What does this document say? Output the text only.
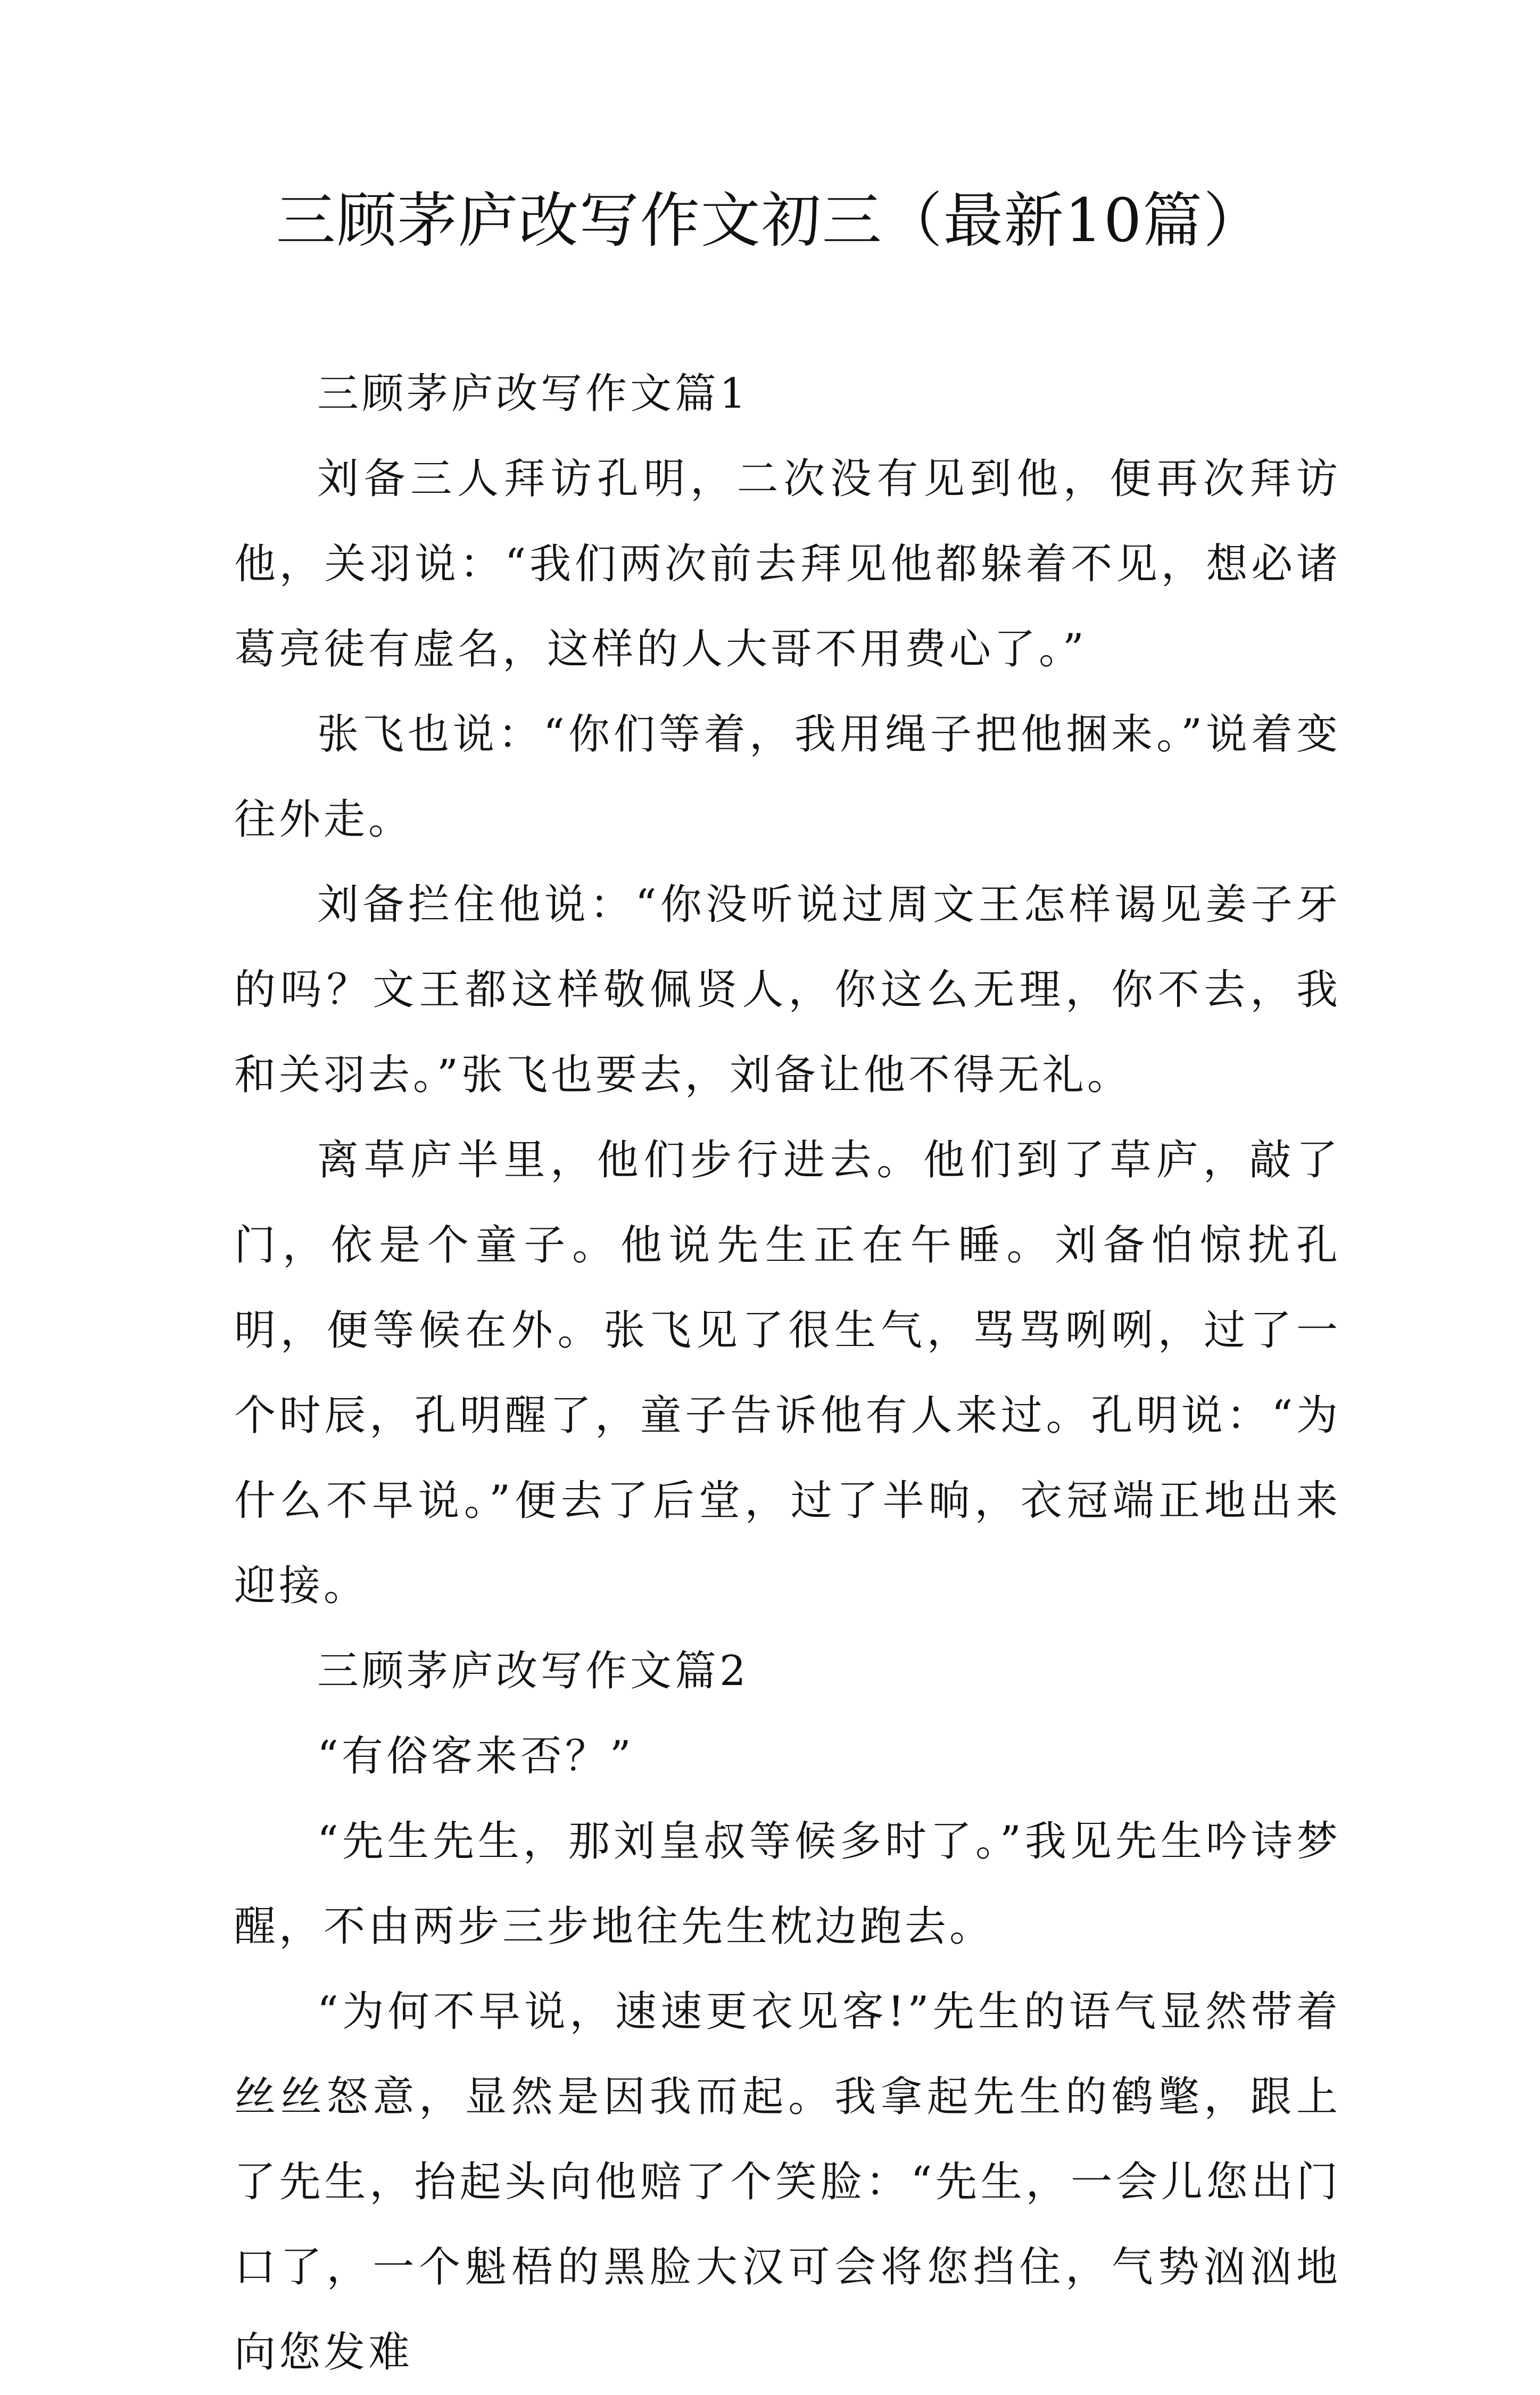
三顾茅庐改写作文初三（最新10篇）

三顾茅庐改写作文篇1

刘备三人拜访孔明，二次没有见到他，便再次拜访他，关羽说：“我们两次前去拜见他都躲着不见，想必诸葛亮徒有虚名，这样的人大哥不用费心了。”

张飞也说：“你们等着，我用绳子把他捆来。”说着变往外走。

刘备拦住他说：“你没听说过周文王怎样谒见姜子牙的吗？文王都这样敬佩贤人，你这么无理，你不去，我和关羽去。”张飞也要去，刘备让他不得无礼。

离草庐半里，他们步行进去。他们到了草庐，敲了门，依是个童子。他说先生正在午睡。刘备怕惊扰孔明，便等候在外。张飞见了很生气，骂骂咧咧，过了一个时辰，孔明醒了，童子告诉他有人来过。孔明说：“为什么不早说。”便去了后堂，过了半晌，衣冠端正地出来迎接。

三顾茅庐改写作文篇2

“有俗客来否？”

“先生先生，那刘皇叔等候多时了。”我见先生吟诗梦醒，不由两步三步地往先生枕边跑去。

“为何不早说，速速更衣见客!”先生的语气显然带着丝丝怒意，显然是因我而起。我拿起先生的鹤氅，跟上了先生，抬起头向他赔了个笑脸：“先生，一会儿您出门口了，一个魁梧的黑脸大汉可会将您挡住，气势汹汹地向您发难
